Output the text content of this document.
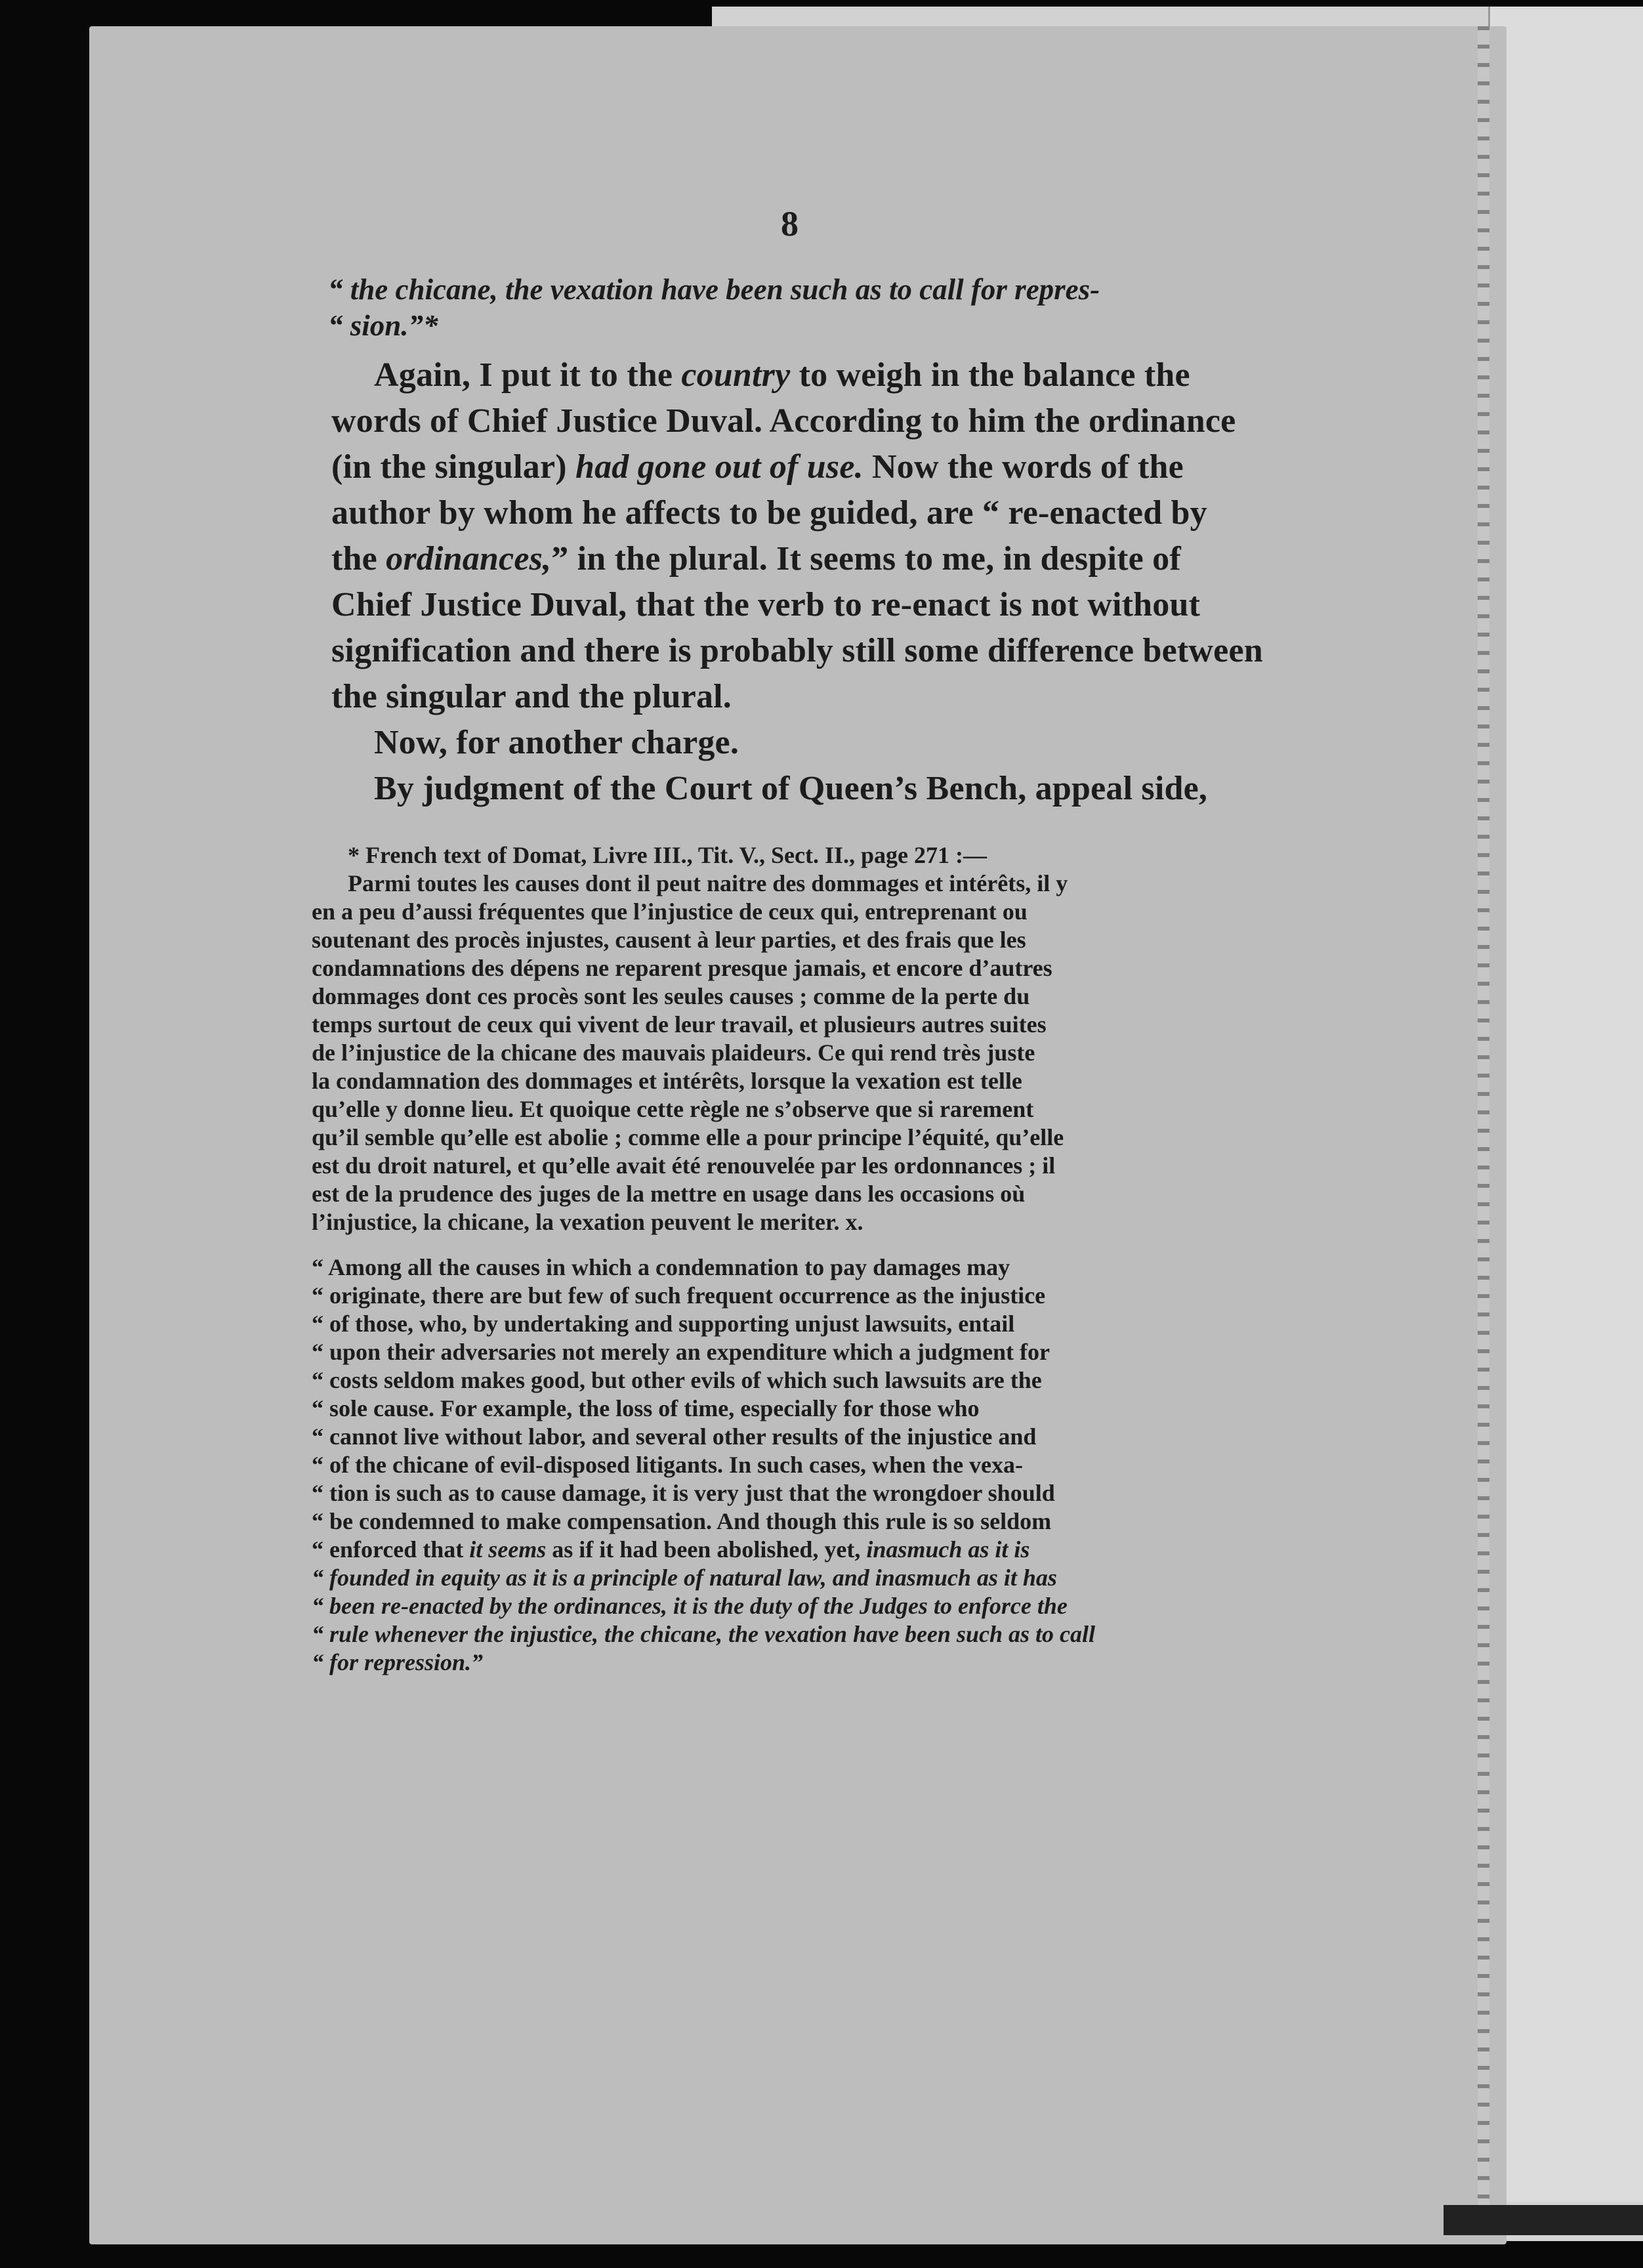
8
“ the chicane, the vexation have been such as to call for repres-
“ sion.”*
Again, I put it to the country to weigh in the balance the
words of Chief Justice Duval. According to him the ordinance
(in the singular) had gone out of use. Now the words of the
author by whom he affects to be guided, are “ re-enacted by
the ordinances,” in the plural. It seems to me, in despite of
Chief Justice Duval, that the verb to re-enact is not without
signification and there is probably still some difference between
the singular and the plural.
Now, for another charge.
By judgment of the Court of Queen’s Bench, appeal side,
* French text of Domat, Livre III., Tit. V., Sect. II., page 271 :—
Parmi toutes les causes dont il peut naitre des dommages et intérêts, il y
en a peu d’aussi fréquentes que l’injustice de ceux qui, entreprenant ou
soutenant des procès injustes, causent à leur parties, et des frais que les
condamnations des dépens ne reparent presque jamais, et encore d’autres
dommages dont ces procès sont les seules causes ; comme de la perte du
temps surtout de ceux qui vivent de leur travail, et plusieurs autres suites
de l’injustice de la chicane des mauvais plaideurs. Ce qui rend très juste
la condamnation des dommages et intérêts, lorsque la vexation est telle
qu’elle y donne lieu. Et quoique cette règle ne s’observe que si rarement
qu’il semble qu’elle est abolie ; comme elle a pour principe l’équité, qu’elle
est du droit naturel, et qu’elle avait été renouvelée par les ordonnances ; il
est de la prudence des juges de la mettre en usage dans les occasions où
l’injustice, la chicane, la vexation peuvent le meriter. x.
“ Among all the causes in which a condemnation to pay damages may
“ originate, there are but few of such frequent occurrence as the injustice
“ of those, who, by undertaking and supporting unjust lawsuits, entail
“ upon their adversaries not merely an expenditure which a judgment for
“ costs seldom makes good, but other evils of which such lawsuits are the
“ sole cause. For example, the loss of time, especially for those who
“ cannot live without labor, and several other results of the injustice and
“ of the chicane of evil-disposed litigants. In such cases, when the vexa-
“ tion is such as to cause damage, it is very just that the wrongdoer should
“ be condemned to make compensation. And though this rule is so seldom
“ enforced that it seems as if it had been abolished, yet, inasmuch as it is
“ founded in equity as it is a principle of natural law, and inasmuch as it has
“ been re-enacted by the ordinances, it is the duty of the Judges to enforce the
“ rule whenever the injustice, the chicane, the vexation have been such as to call
“ for repression.”
